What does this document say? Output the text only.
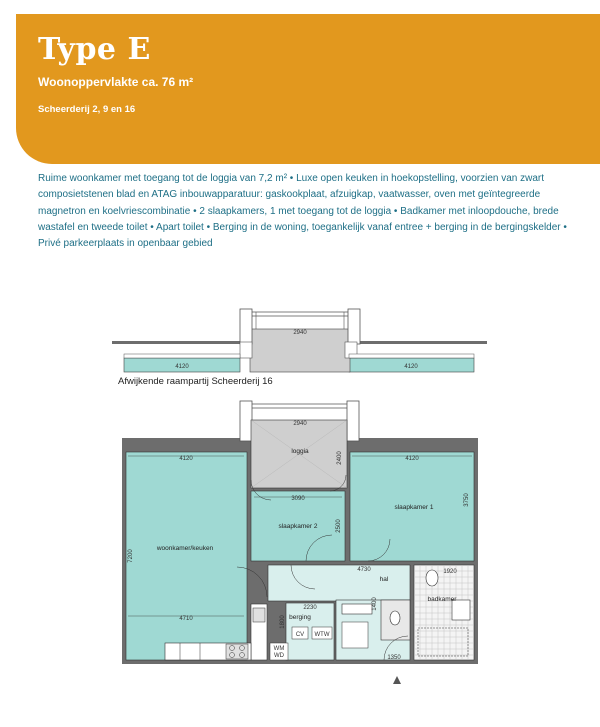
Type E

Woonoppervlakte ca. 76 m²

Scheerderij 2, 9 en 16

Ruime woonkamer met toegang tot de loggia van 7,2 m² • Luxe open keuken in hoekopstelling, voorzien van zwart composietstenen blad en ATAG inbouwapparatuur: gaskookplaat, afzuigkap, vaatwasser, oven met geïntegreerde magnetron en koelvriescombinatie • 2 slaapkamers, 1 met toegang tot de loggia • Badkamer met inloopdouche, brede wastafel en tweede toilet • Apart toilet • Berging in de woning, toegankelijk vanaf entree + berging in de bergingskelder • Privé parkeerplaats in openbaar gebied

2940
4120	4120
loggia
slaapkamer 2
slaapkamer 1
woonkamer/keuken
hal
berging
badkamer
2940
2400
4120
7200
4710
3090
2500
4120
3750
4730	1920
2230
1800
1400
1350
CV WTW
WM
WD

Afwijkende raampartij Scheerderij 16
